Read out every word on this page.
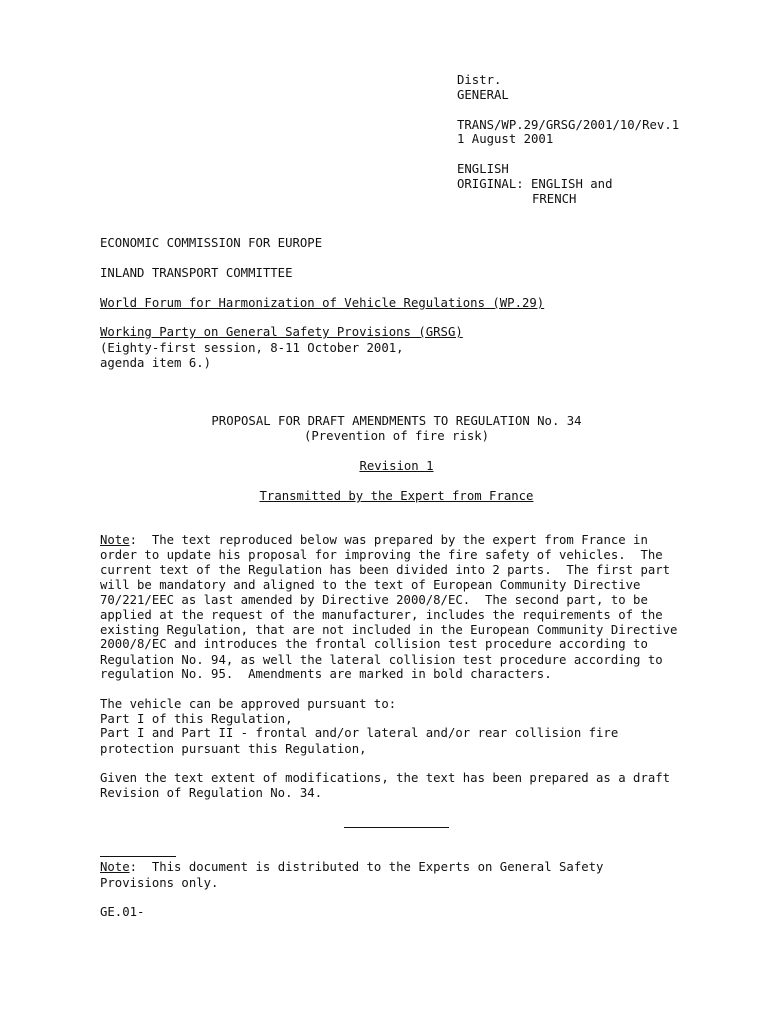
Distr.
GENERAL
TRANS/WP.29/GRSG/2001/10/Rev.1
1 August 2001
ENGLISH
ORIGINAL: ENGLISH and
FRENCH
ECONOMIC COMMISSION FOR EUROPE
INLAND TRANSPORT COMMITTEE
World Forum for Harmonization of Vehicle Regulations (WP.29)
Working Party on General Safety Provisions (GRSG)
(Eighty-first session, 8-11 October 2001,
agenda item 6.)
PROPOSAL FOR DRAFT AMENDMENTS TO REGULATION No. 34
(Prevention of fire risk)
Revision 1
Transmitted by the Expert from France
Note:  The text reproduced below was prepared by the expert from France in
order to update his proposal for improving the fire safety of vehicles.  The
current text of the Regulation has been divided into 2 parts.  The first part
will be mandatory and aligned to the text of European Community Directive
70/221/EEC as last amended by Directive 2000/8/EC.  The second part, to be
applied at the request of the manufacturer, includes the requirements of the
existing Regulation, that are not included in the European Community Directive
2000/8/EC and introduces the frontal collision test procedure according to
Regulation No. 94, as well the lateral collision test procedure according to
regulation No. 95.  Amendments are marked in bold characters.
The vehicle can be approved pursuant to:
Part I of this Regulation,
Part I and Part II - frontal and/or lateral and/or rear collision fire
protection pursuant this Regulation,
Given the text extent of modifications, the text has been prepared as a draft
Revision of Regulation No. 34.
Note:  This document is distributed to the Experts on General Safety
Provisions only.
GE.01-
